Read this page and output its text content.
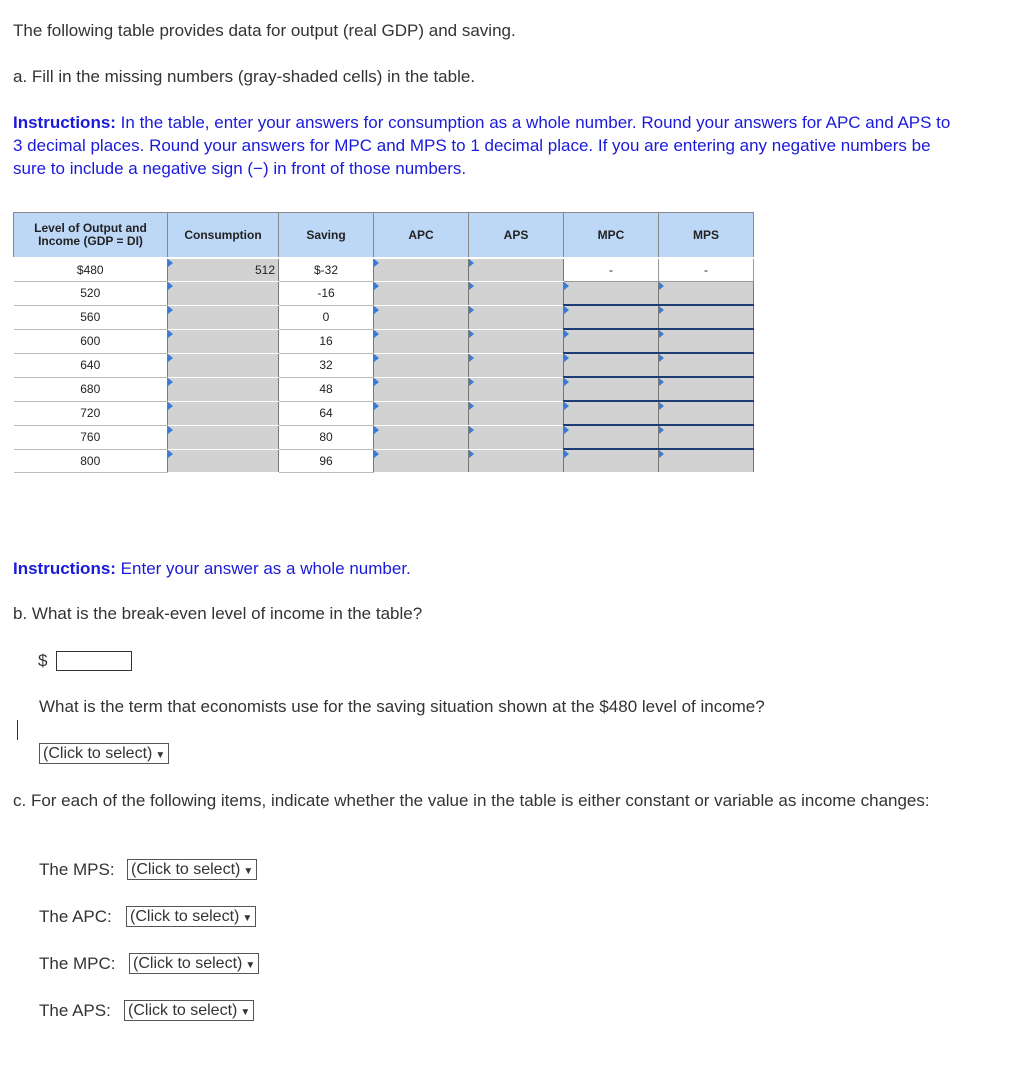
The following table provides data for output (real GDP) and saving.

a. Fill in the missing numbers (gray-shaded cells) in the table.

Instructions: In the table, enter your answers for consumption as a whole number. Round your answers for APC and APS to 3 decimal places. Round your answers for MPC and MPS to 1 decimal place. If you are entering any negative numbers be sure to include a negative sign (−) in front of those numbers.

Level of Output and Income (GDP = DI)	Consumption	Saving	APC	APS	MPC	MPS
$480	512	$-32			-	-
520		-16				
560		0				
600		16				
640		32				
680		48				
720		64				
760		80				
800		96				

Instructions: Enter your answer as a whole number.

b. What is the break-even level of income in the table?

$

What is the term that economists use for the saving situation shown at the $480 level of income?

(Click to select) ▼

c. For each of the following items, indicate whether the value in the table is either constant or variable as income changes:

The MPS: (Click to select) ▼
The APC: (Click to select) ▼
The MPC: (Click to select) ▼
The APS: (Click to select) ▼
